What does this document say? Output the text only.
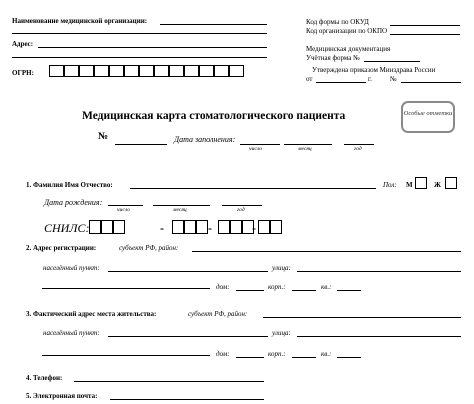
Наименование медицинской организации:
Адрес:
ОГРН:
Код формы по ОКУД
Код организации по ОКПО
Медицинская документация
Учётная форма №
Утверждена приказом Минздрава России
от	г.	№
Медицинская карта стоматологического пациента	Особые отметки
№	Дата заполнения:
число	месяц	год
1. Фамилия Имя Отчество:	Пол: М	Ж
Дата рождения:
число	месяц	год
СНИЛС:	-	-	-
2. Адрес регистрации:	субъект РФ, район:
населённый пункт:	улица:
дом:	корп.:	кв.:
3. Фактический адрес места жительства:	субъект РФ, район:
населённый пункт:	улица:
дом:	корп.:	кв.:
4. Телефон:
5. Электронная почта:
